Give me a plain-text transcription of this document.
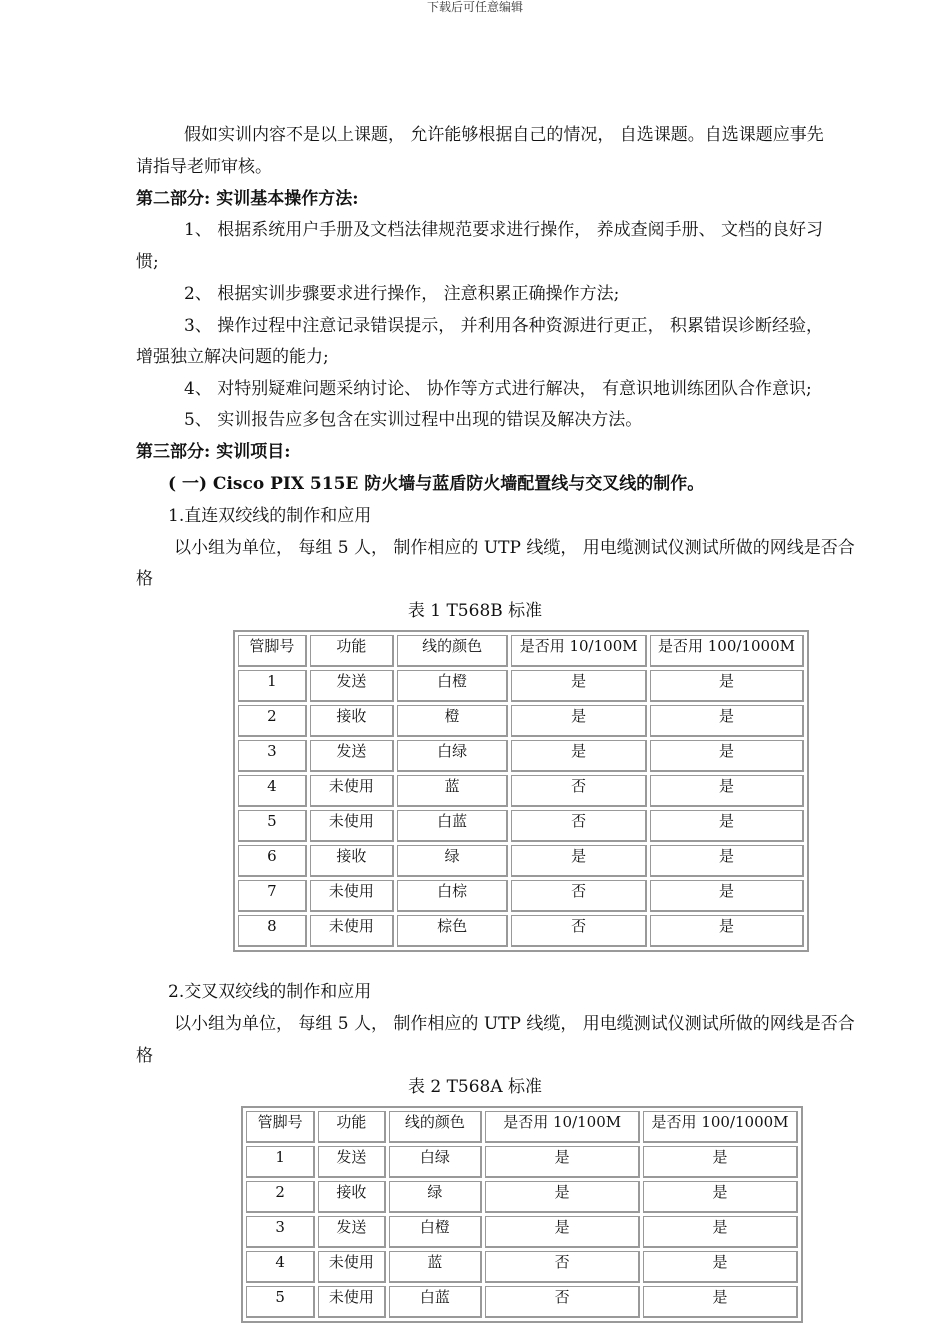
下载后可任意编辑
假如实训内容不是以上课题， 允许能够根据自己的情况， 自选课题。自选课题应事先
请指导老师审核。
第二部分: 实训基本操作方法:
1、 根据系统用户手册及文档法律规范要求进行操作， 养成查阅手册、 文档的良好习
惯;
2、 根据实训步骤要求进行操作， 注意积累正确操作方法;
3、 操作过程中注意记录错误提示， 并利用各种资源进行更正， 积累错误诊断经验，
增强独立解决问题的能力;
4、 对特别疑难问题采纳讨论、 协作等方式进行解决， 有意识地训练团队合作意识;
5、 实训报告应多包含在实训过程中出现的错误及解决方法。
第三部分: 实训项目:
( 一) Cisco PIX 515E 防火墙与蓝盾防火墙配置线与交叉线的制作。
1.直连双绞线的制作和应用
以小组为单位， 每组 5 人， 制作相应的 UTP 线缆， 用电缆测试仪测试所做的网线是否合
格
表 1 T568B 标准
管脚号	功能	线的颜色	是否用 10/100M	是否用 100/1000M
1	发送	白橙	是	是
2	接收	橙	是	是
3	发送	白绿	是	是
4	未使用	蓝	否	是
5	未使用	白蓝	否	是
6	接收	绿	是	是
7	未使用	白棕	否	是
8	未使用	棕色	否	是
2.交叉双绞线的制作和应用
以小组为单位， 每组 5 人， 制作相应的 UTP 线缆， 用电缆测试仪测试所做的网线是否合
格
表 2 T568A 标准
管脚号	功能	线的颜色	是否用 10/100M	是否用 100/1000M
1	发送	白绿	是	是
2	接收	绿	是	是
3	发送	白橙	是	是
4	未使用	蓝	否	是
5	未使用	白蓝	否	是
